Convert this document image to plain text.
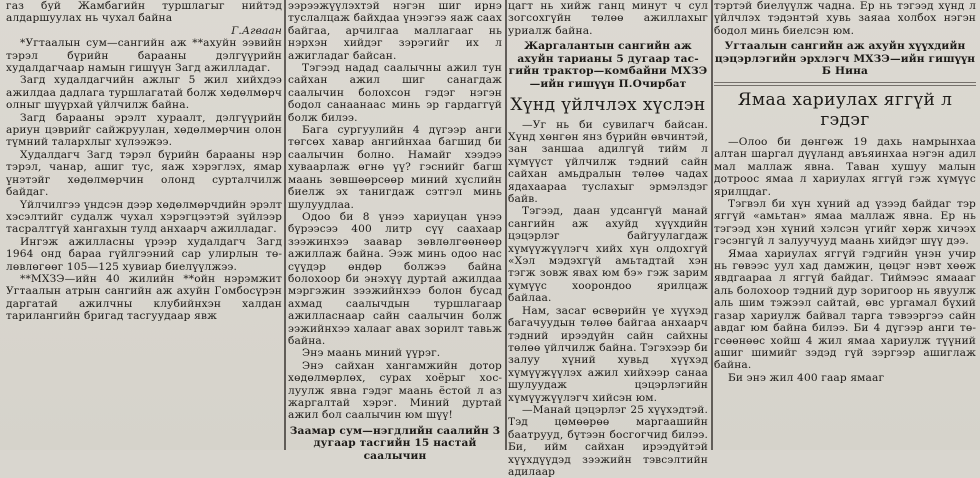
газ буй Жамбагийн туршлагыг нийтэд алдаршуулах нь чухал байна

Г.Агваан

*Угтаалын сум—сангийн аж **ахуйн ээвийн тэрэл бүрийн барааны дэлгүүрийн худалдагчаар намын гишүүн Загд ажилладаг.

Загд худалдагчийн ажлыг 5 жил хийхдээ ажилдаа дадлага туршлагатай болж хөдөлмөрч олныг шүүрхай үйлчилж байна.

Загд барааны эрэлт хураалт, дэлгүүрийн ариун цэврийг сайжруулан, хөдөлмөрчин олон түмний талархлыг хүлээжээ.

Худалдагч Загд тэрэл бүрийн барааны нэр тэрэл, чанар, ашиг тус, яаж хэрэглэх, ямар үнэтэйг хөдөлмөрчин олонд сурталчилж байдаг.

Үйлчилгээ үндсэн дээр хөдөлмөрчдийн эрэлт хэсэлтийг судалж чухал хэрэгцээтэй зүйлээр тасралтгүй хангахын тулд анхаарч ажилладаг.

Ингэж ажилласны үрээр худалдагч Загд 1964 онд бараа гүйлгээний сар улирлын төлөвлөгөөг 105—125 хувиар биелүүлжээ.

**МХЗЭ—ийн 40 жилийн **ойн нэрэмжит Угтаалын атрын сангийн аж ахуйн Гомбосүрэн даргатай ажилчны клубийнхэн халдан тарилангийн бригад тасгуудаар явж

ээрээжүүлэхтэй нэгэн шиг ирнэ туслалцаж байхдаа үнээгээ яаж саах байгаа, арчилгаа маллагааг нь нэрхэн хийдэг зэрэгийг их л ажигладаг байсан.

Тэгээд надад саалычны ажил тун сайхан ажил шиг санагдаж саалычин болохсон гэдэг нэгэн бодол санаанаас минь эр гардаггүй болж билээ.

Бага сургуулийн 4 дүгээр анги төгсөх хавар ангийнхаа багшид би саалычин болно. Намайг хээдээ хуваарлаж өгнө үү? гэснийг багш маань зөвшөөрсөөр миний хүслийн биелж эх танигдаж сэтгэл минь шулуудлаа.

Одоо би 8 үнээ хариуцан үнээ бүрээсээ 400 литр сүү саахаар зээжинхээ заавар зөвлөлгөөнөөр ажиллаж байна. Ээж минь одоо нас сүүдэр өндөр болжээ байна болохоор би энэхүү дуртай ажилдаа мэргэжин зээжийнхээ болон бусад ахмад саалычдын туршлагаар ажилласнаар сайн саалычин болж ээжийнхээ халааг авах зорилт тавьж байна.

Энэ маань миний үүрэг.

Энэ сайхан хангамжийн дотор хөдөлмөрлөх, сурах хоёрыг хослуулж явна гэдэг маань ёстой л аз жаргалтай хэрэг. Миний дуртай ажил бол саалычин юм шүү!

Заамар сум—нэгдлийн саалийн 3 дугаар тасгийн 15 настай саалычин

цагт нь хийж ганц минут ч сул зогсохгүйн төлөө ажиллахыг уриалж байна.

Жаргалантын сангийн аж ахуйн тарианы 5 дугаар тасгийн трактор—комбайни МХЗЭ—ийн гишүүн П.Очирбат

Хүнд үйлчлэх хүслэн

—Уг нь би сувилагч байсан. Хүнд хөнгөн янз бүрийн өвчинтэй, зан заншаа адилгүй тийм л хүмүүст үйлчилж тэдний сайн сайхан амьдралын төлөө чадах ядахаараа туслахыг эрмэлздэг байв.

Тэгээд, даан удсангүй манай сангийн аж ахуйд хүүхдийн цэцэрлэг байгуулагдаж хүмүүжүүлэгч хийх хүн олдохгүй «Хэл мэдэхгүй амьтадтай хэн тэгж зовж явах юм бэ» гэж зарим хүмүүс хоорондоо ярилцаж байлаа.

Нам, засаг өсвөрийн үе хүүхэд багачуудын төлөө байгаа анхаарч тэдний ирээдүйн сайн сайхны төлөө үйлчилж байна. Тэгэхээр би залуу хүний хувьд хүүхэд хүмүүжүүлэх ажил хийхээр санаа шулуудаж цэцэрлэгийн хүмүүжүүлэгч хийсэн юм.

—Манай цэцэрлэг 25 хүүхэдтэй. Тэд цөмөөрөө маргаашийн баатрууд, бүтээн босгогчид билээ. Би, ийм сайхан ирээдүйтэй хүүхдүүдэд зээжийн тэвсэлтийн адилаар

тэртэй биелүүлж чадна. Ер нь тэгээд хүнд л үйлчлэх тэдэнтэй хувь заяаа холбох нэгэн бодол минь биелсэн юм.

Угтаалын сангийн аж ахуйн хүүхдийн цэцэрлэгийн эрхлэгч МХЗЭ—ийн гишүүн Б Нина

Ямаа хариулах яггүй л гэдэг

—Олоо би дөнгөж 19 дахь намрынхаа алтан шаргал дүүланд авъяинхаа нэгэн адил мал маллаж явна. Таван хушуу малын дотроос ямаа л хариулах яггүй гэж хүмүүс ярилцдаг.

Тэгвэл би хүн хүний ад үзээд байдаг тэр яггүй «амьтан» ямаа маллаж явна. Ер нь тэгээд хэн хүний хэлсэн үгийг хөрж хичээх гэсэнгүй л залуучууд маань хийдэг шүү дээ.

Ямаа хариулах яггүй гэдгийн үнэн учир нь гөвээс уул хад дамжин, цөцэг нэвт хөөж явдгаарaa л яггүй байдаг. Тиймээс ямаааг аль болохоор тэдний дур зоригоор нь явуулж аль шим тэжээл сайтай, өвс ургамал бүхий газар хариулж байвал тарга тэвээргээ сайн авдаг юм байна билээ. Би 4 дүгээр анги төгсөөнөөс хойш 4 жил ямаа хариулж түүний ашиг шимийг зэдэд гүй зэргээр ашиглаж байна.

Би энэ жил 400 гаар ямааг
